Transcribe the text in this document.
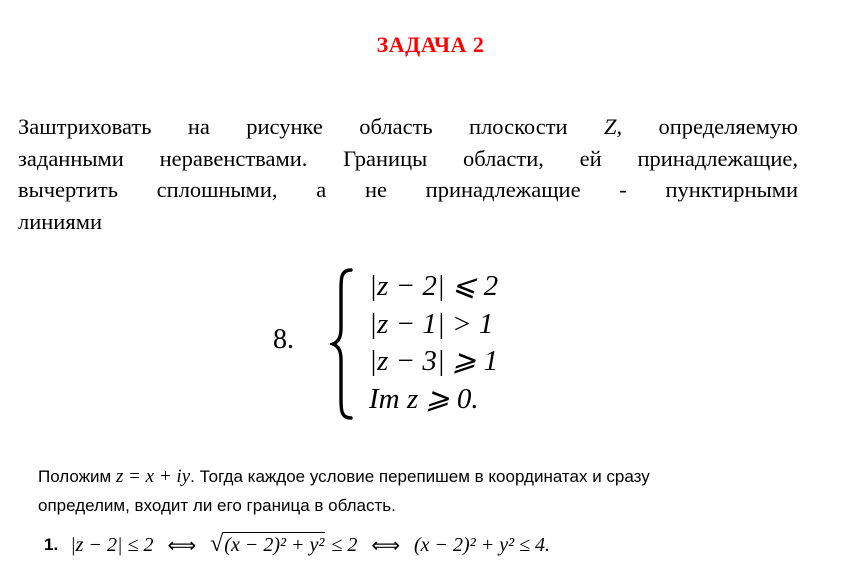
ЗАДАЧА 2

Заштриховать на рисунке область плоскости Z, определяемую
заданными неравенствами. Границы области, ей принадлежащие,
вычертить сплошными, а не принадлежащие - пунктирными
линиями

8.
|z − 2| ⩽ 2
|z − 1| > 1
|z − 3| ⩾ 1
Im z ⩾ 0.

Положим z = x + iy. Тогда каждое условие перепишем в координатах и сразу
определим, входит ли его граница в область.

1. |z − 2| ≤ 2 ⟺ √ (x − 2)² + y² ≤ 2 ⟺ (x − 2)² + y² ≤ 4.
